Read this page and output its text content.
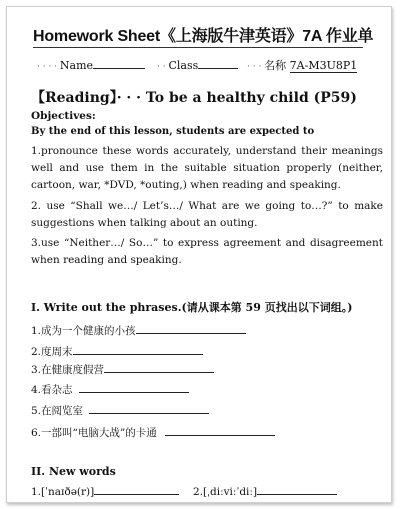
Homework Sheet《上海版牛津英语》7A 作业单
· · · · Name	· · Class	· · · 名称 7A-M3U8P1
【Reading】· · · To be a healthy child (P59)
Objectives:
By the end of this lesson, students are expected to
1.pronounce these words accurately, understand their meanings well and use them in the suitable situation properly (neither, cartoon, war, *DVD, *outing,) when reading and speaking.
2. use “Shall we…/ Let’s…/ What are we going to…?” to make suggestions when talking about an outing.
3.use “Neither…/ So…” to express agreement and disagreement when reading and speaking.
I. Write out the phrases.(请从课本第 59 页找出以下词组。)
1.成为一个健康的小孩
2.度周末
3.在健康度假营
4.看杂志
5.在阅览室
6.一部叫“电脑大战”的卡通
II. New words
1.[ˈnaɪðə(r)]	2.[ˌdiːviːˈdiː]
